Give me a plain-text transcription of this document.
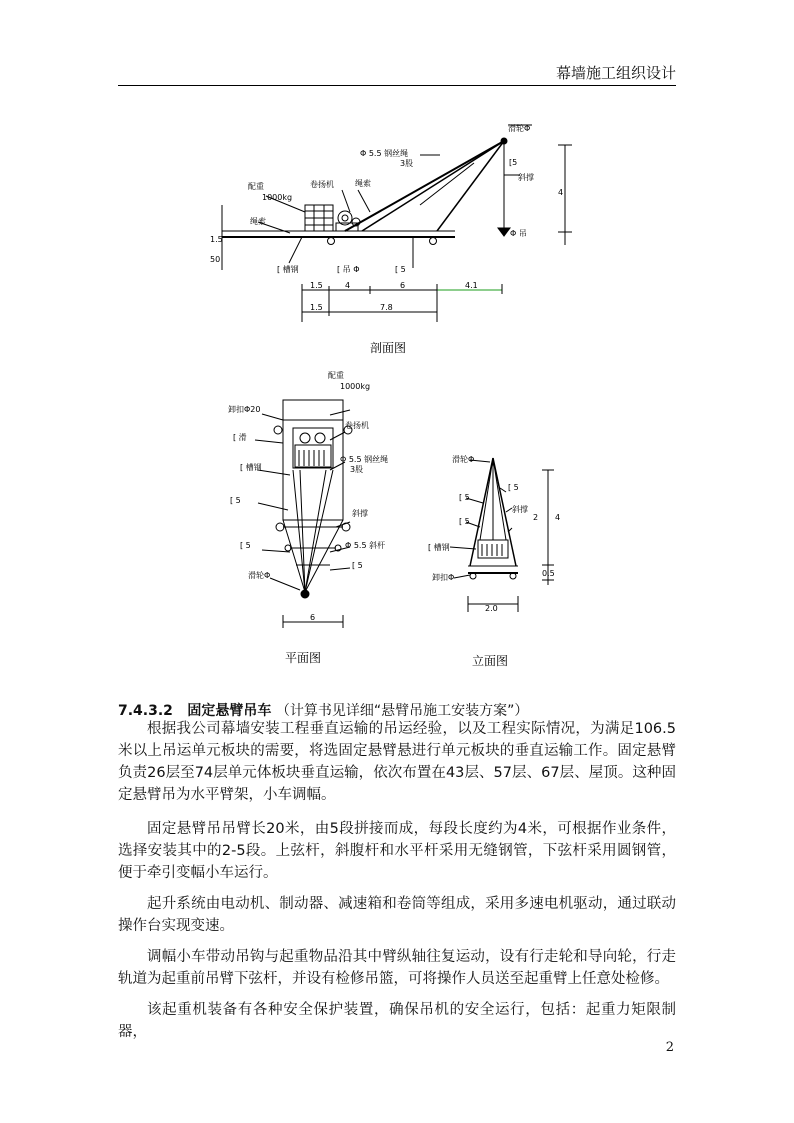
幕墙施工组织设计
滑轮Φ
Φ 5.5 钢丝绳
3股
配重
1000kg
卷扬机	绳索
[5
斜撑
Φ 吊
绳索
[ 槽钢	[ 吊 Φ	[ 5
4
1.5
50
1.5	4	6	4.1
1.5	7.8
剖面图
配重
1000kg
卸扣Φ20
卷扬机
[ 滑
Φ 5.5 钢丝绳
3股
[ 槽钢
[ 5
斜撑
[ 5	Φ 5.5 斜杆
[ 5
滑轮Φ
6
平面图
滑轮Φ
[ 5
[ 5
[ 槽钢
卸扣Φ
[ 5
斜撑
2 4
0.5
2.0
立面图
7.4.3.2 固定悬臂吊车 （计算书见详细“悬臂吊施工安装方案”）

根据我公司幕墙安装工程垂直运输的吊运经验，以及工程实际情况，为满足106.5米以上吊运单元板块的需要，将选固定悬臂悬进行单元板块的垂直运输工作。固定悬臂负责26层至74层单元体板块垂直运输，依次布置在43层、57层、67层、屋顶。这种固定悬臂吊为水平臂架，小车调幅。

固定悬臂吊吊臂长20米，由5段拼接而成，每段长度约为4米，可根据作业条件，选择安装其中的2-5段。上弦杆，斜腹杆和水平杆采用无缝钢管，下弦杆采用圆钢管，便于牵引变幅小车运行。

起升系统由电动机、制动器、减速箱和卷筒等组成，采用多速电机驱动，通过联动操作台实现变速。

调幅小车带动吊钩与起重物品沿其中臂纵轴往复运动，设有行走轮和导向轮，行走轨道为起重前吊臂下弦杆，并设有检修吊篮，可将操作人员送至起重臂上任意处检修。

该起重机装备有各种安全保护装置，确保吊机的安全运行，包括：起重力矩限制器，

2
